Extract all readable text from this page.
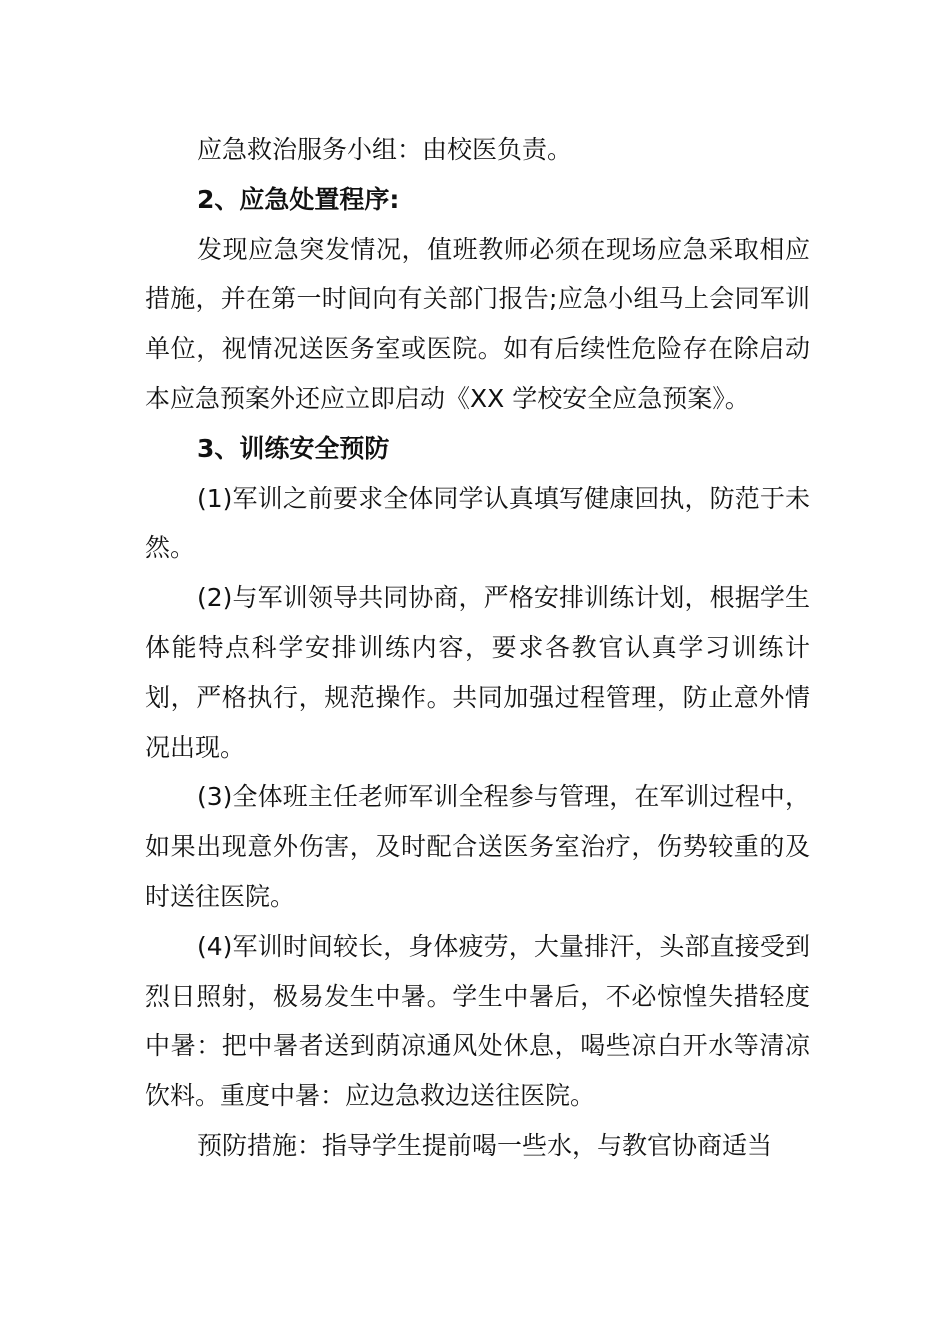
应急救治服务小组：由校医负责。

2、应急处置程序:

发现应急突发情况，值班教师必须在现场应急采取相应措施，并在第一时间向有关部门报告;应急小组马上会同军训单位，视情况送医务室或医院。如有后续性危险存在除启动本应急预案外还应立即启动《XX 学校安全应急预案》。

3、训练安全预防

(1)军训之前要求全体同学认真填写健康回执，防范于未然。

(2)与军训领导共同协商，严格安排训练计划，根据学生体能特点科学安排训练内容，要求各教官认真学习训练计划，严格执行，规范操作。共同加强过程管理，防止意外情况出现。

(3)全体班主任老师军训全程参与管理，在军训过程中，如果出现意外伤害，及时配合送医务室治疗，伤势较重的及时送往医院。

(4)军训时间较长，身体疲劳，大量排汗，头部直接受到烈日照射，极易发生中暑。学生中暑后，不必惊惶失措轻度中暑：把中暑者送到荫凉通风处休息，喝些凉白开水等清凉饮料。重度中暑：应边急救边送往医院。

预防措施：指导学生提前喝一些水，与教官协商适当
